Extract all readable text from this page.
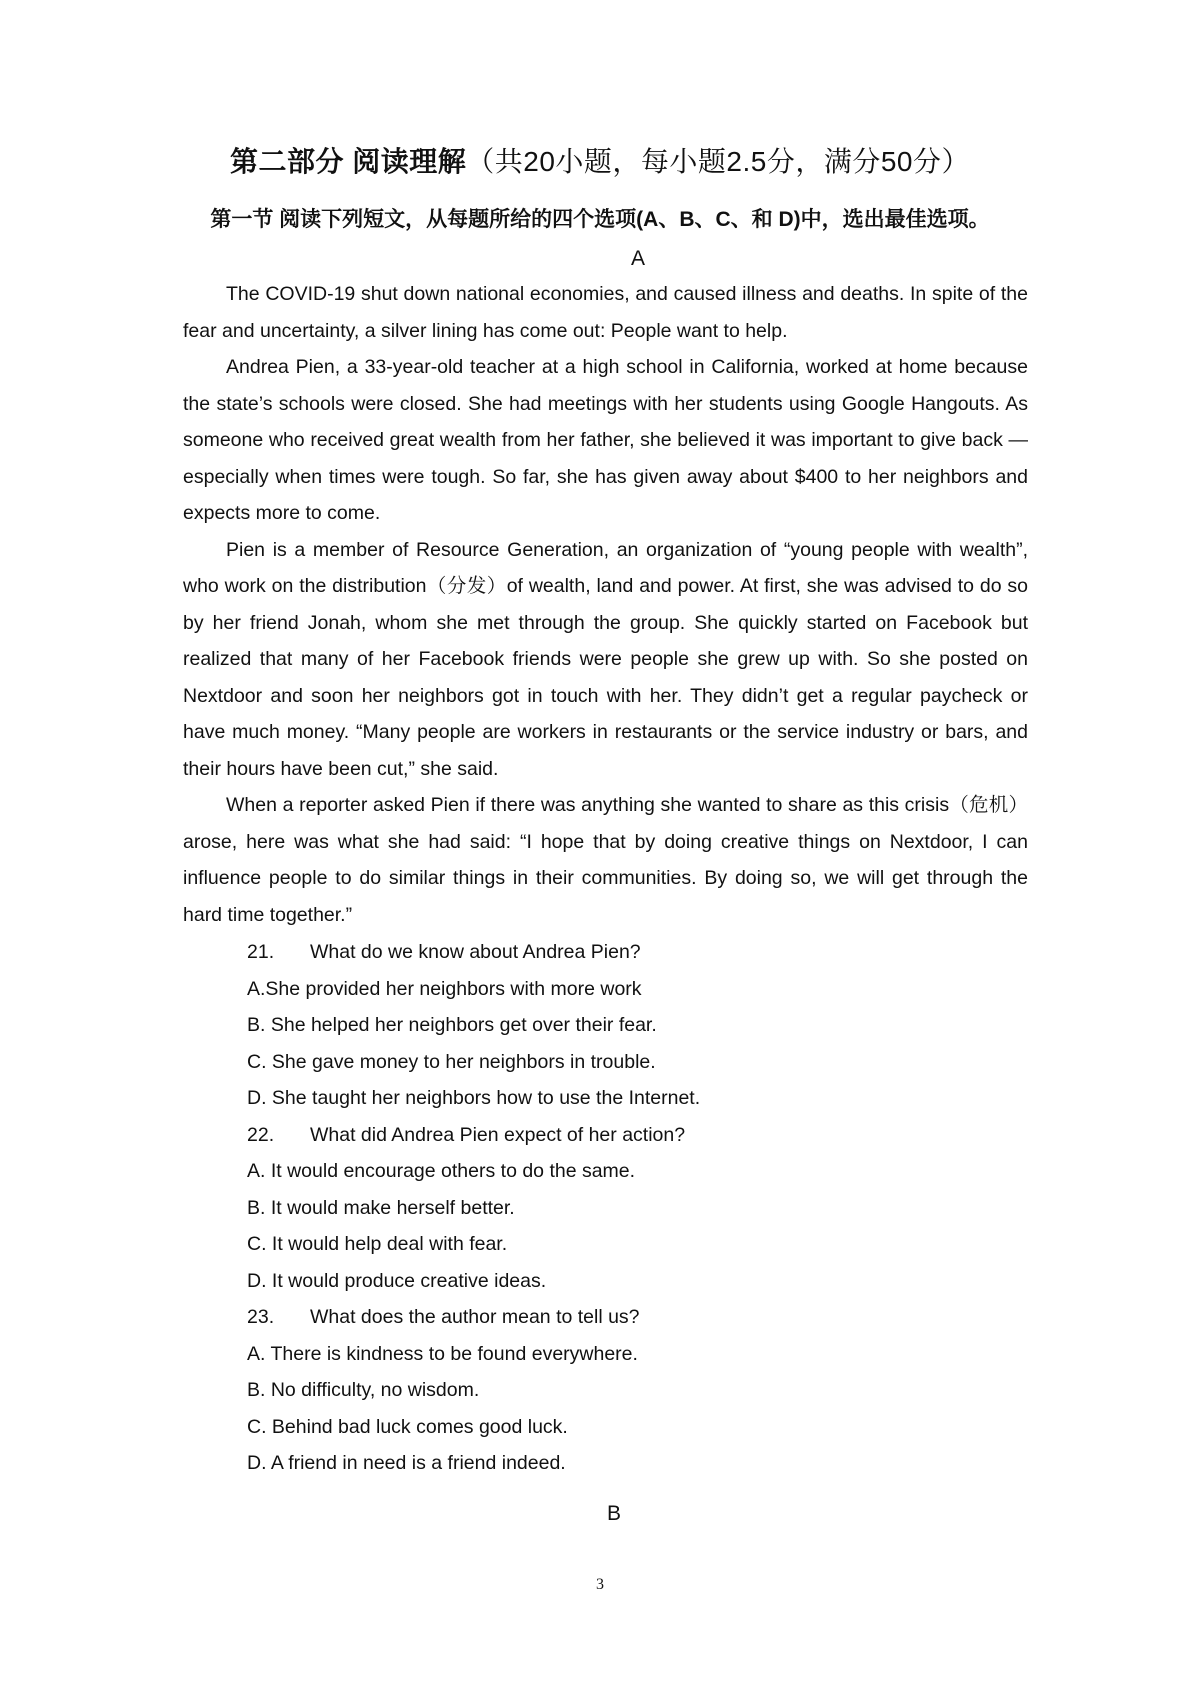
第二部分 阅读理解（共20小题，每小题2.5分，满分50分）
第一节 阅读下列短文，从每题所给的四个选项(A、B、C、和 D)中，选出最佳选项。
A

The COVID-19 shut down national economies, and caused illness and deaths. In spite of the fear and uncertainty, a silver lining has come out: People want to help.

Andrea Pien, a 33-year-old teacher at a high school in California, worked at home because the state’s schools were closed. She had meetings with her students using Google Hangouts. As someone who received great wealth from her father, she believed it was important to give back — especially when times were tough. So far, she has given away about $400 to her neighbors and expects more to come.

Pien is a member of Resource Generation, an organization of “young people with wealth”, who work on the distribution（分发）of wealth, land and power. At first, she was advised to do so by her friend Jonah, whom she met through the group. She quickly started on Facebook but realized that many of her Facebook friends were people she grew up with. So she posted on Nextdoor and soon her neighbors got in touch with her. They didn’t get a regular paycheck or have much money. “Many people are workers in restaurants or the service industry or bars, and their hours have been cut,” she said.

When a reporter asked Pien if there was anything she wanted to share as this crisis（危机）arose, here was what she had said: “I hope that by doing creative things on Nextdoor, I can influence people to do similar things in their communities. By doing so, we will get through the hard time together.”

21. What do we know about Andrea Pien?
A.She provided her neighbors with more work
B. She helped her neighbors get over their fear.
C. She gave money to her neighbors in trouble.
D. She taught her neighbors how to use the Internet.
22. What did Andrea Pien expect of her action?
A. It would encourage others to do the same.
B. It would make herself better.
C. It would help deal with fear.
D. It would produce creative ideas.
23. What does the author mean to tell us?
A. There is kindness to be found everywhere.
B. No difficulty, no wisdom.
C. Behind bad luck comes good luck.
D. A friend in need is a friend indeed.
B
3
